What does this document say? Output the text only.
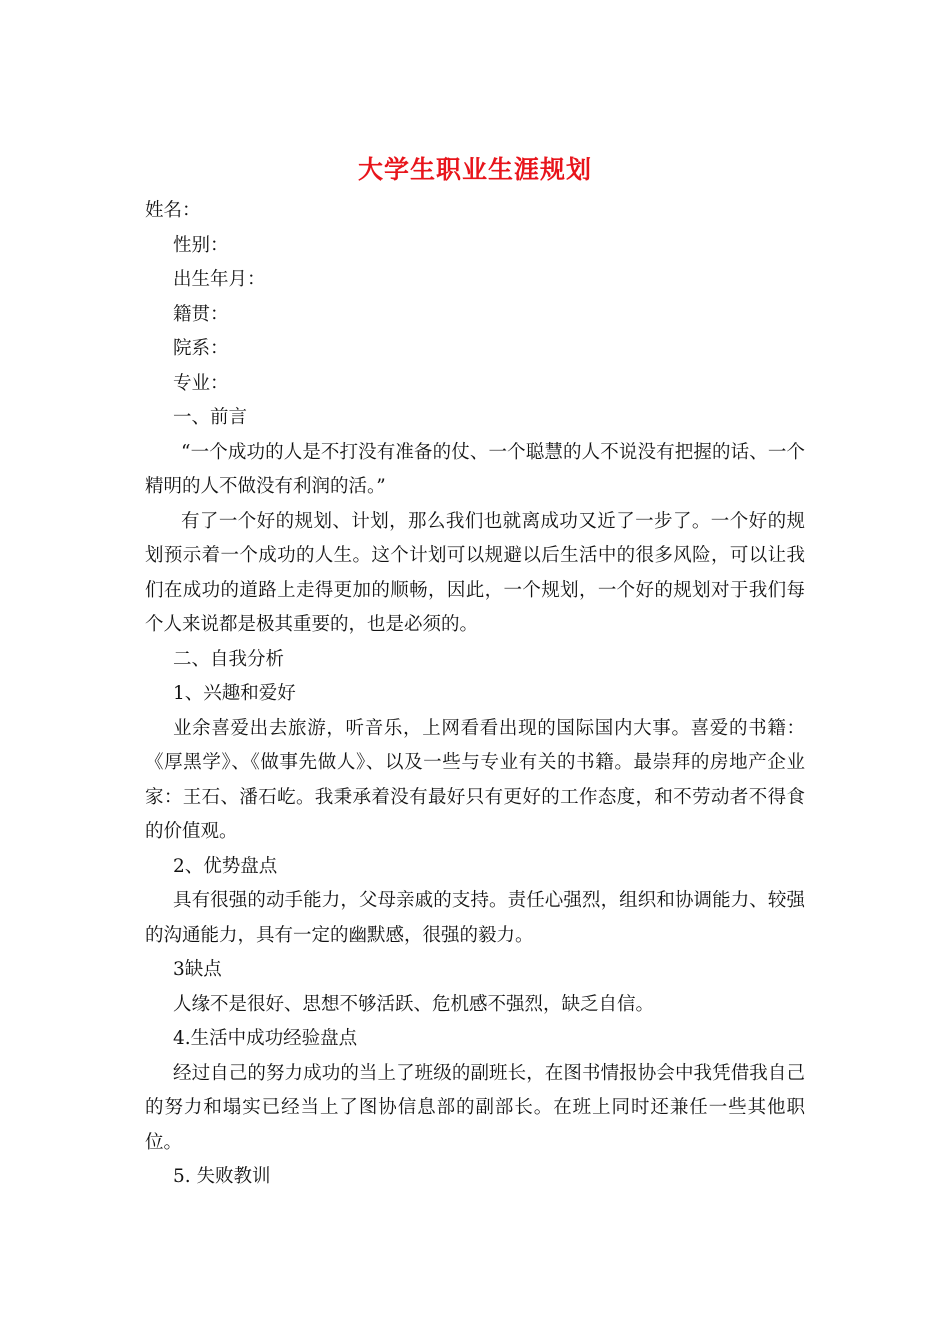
大学生职业生涯规划
姓名：
性别：
出生年月：
籍贯：
院系：
专业：
一、前言
“一个成功的人是不打没有准备的仗、一个聪慧的人不说没有把握的话、一个精明的人不做没有利润的活。”
有了一个好的规划、计划，那么我们也就离成功又近了一步了。一个好的规划预示着一个成功的人生。这个计划可以规避以后生活中的很多风险，可以让我们在成功的道路上走得更加的顺畅，因此，一个规划，一个好的规划对于我们每个人来说都是极其重要的，也是必须的。
二、自我分析
1、兴趣和爱好
业余喜爱出去旅游，听音乐，上网看看出现的国际国内大事。喜爱的书籍：《厚黑学》、《做事先做人》、以及一些与专业有关的书籍。最崇拜的房地产企业家：王石、潘石屹。我秉承着没有最好只有更好的工作态度，和不劳动者不得食的价值观。
2、优势盘点
具有很强的动手能力，父母亲戚的支持。责任心强烈，组织和协调能力、较强的沟通能力，具有一定的幽默感，很强的毅力。
3缺点
人缘不是很好、思想不够活跃、危机感不强烈，缺乏自信。
4.生活中成功经验盘点
经过自己的努力成功的当上了班级的副班长，在图书情报协会中我凭借我自己的努力和塌实已经当上了图协信息部的副部长。在班上同时还兼任一些其他职位。
5. 失败教训
